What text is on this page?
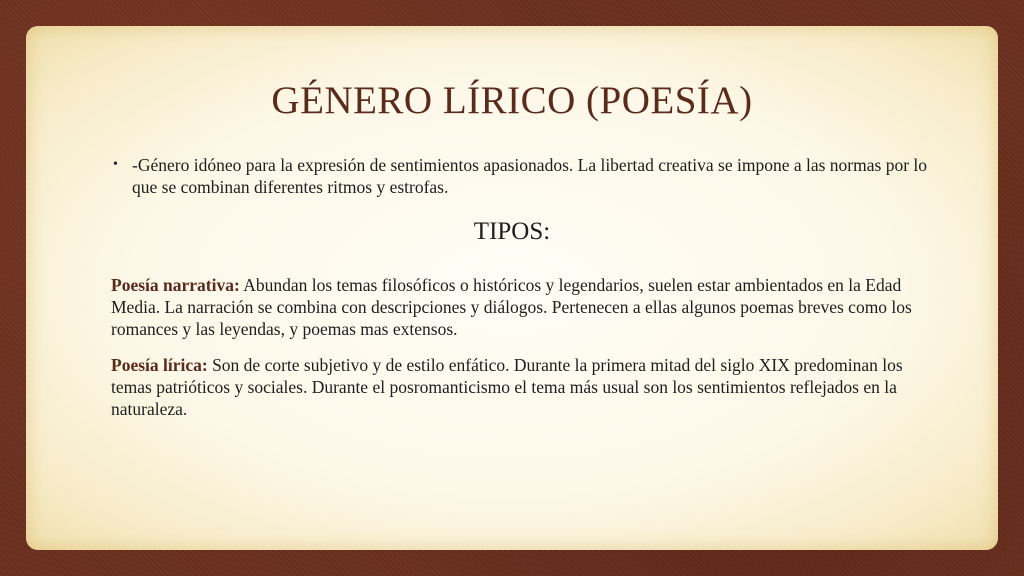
GÉNERO LÍRICO (POESÍA)
• -Género idóneo para la expresión de sentimientos apasionados. La libertad creativa se impone a las normas por lo que se combinan diferentes ritmos y estrofas.
TIPOS:
Poesía narrativa: Abundan los temas filosóficos o históricos y legendarios, suelen estar ambientados en la Edad Media. La narración se combina con descripciones y diálogos. Pertenecen a ellas algunos poemas breves como los romances y las leyendas, y poemas mas extensos.
Poesía lírica: Son de corte subjetivo y de estilo enfático. Durante la primera mitad del siglo XIX predominan los temas patrióticos y sociales. Durante el posromanticismo el tema más usual son los sentimientos reflejados en la naturaleza.
